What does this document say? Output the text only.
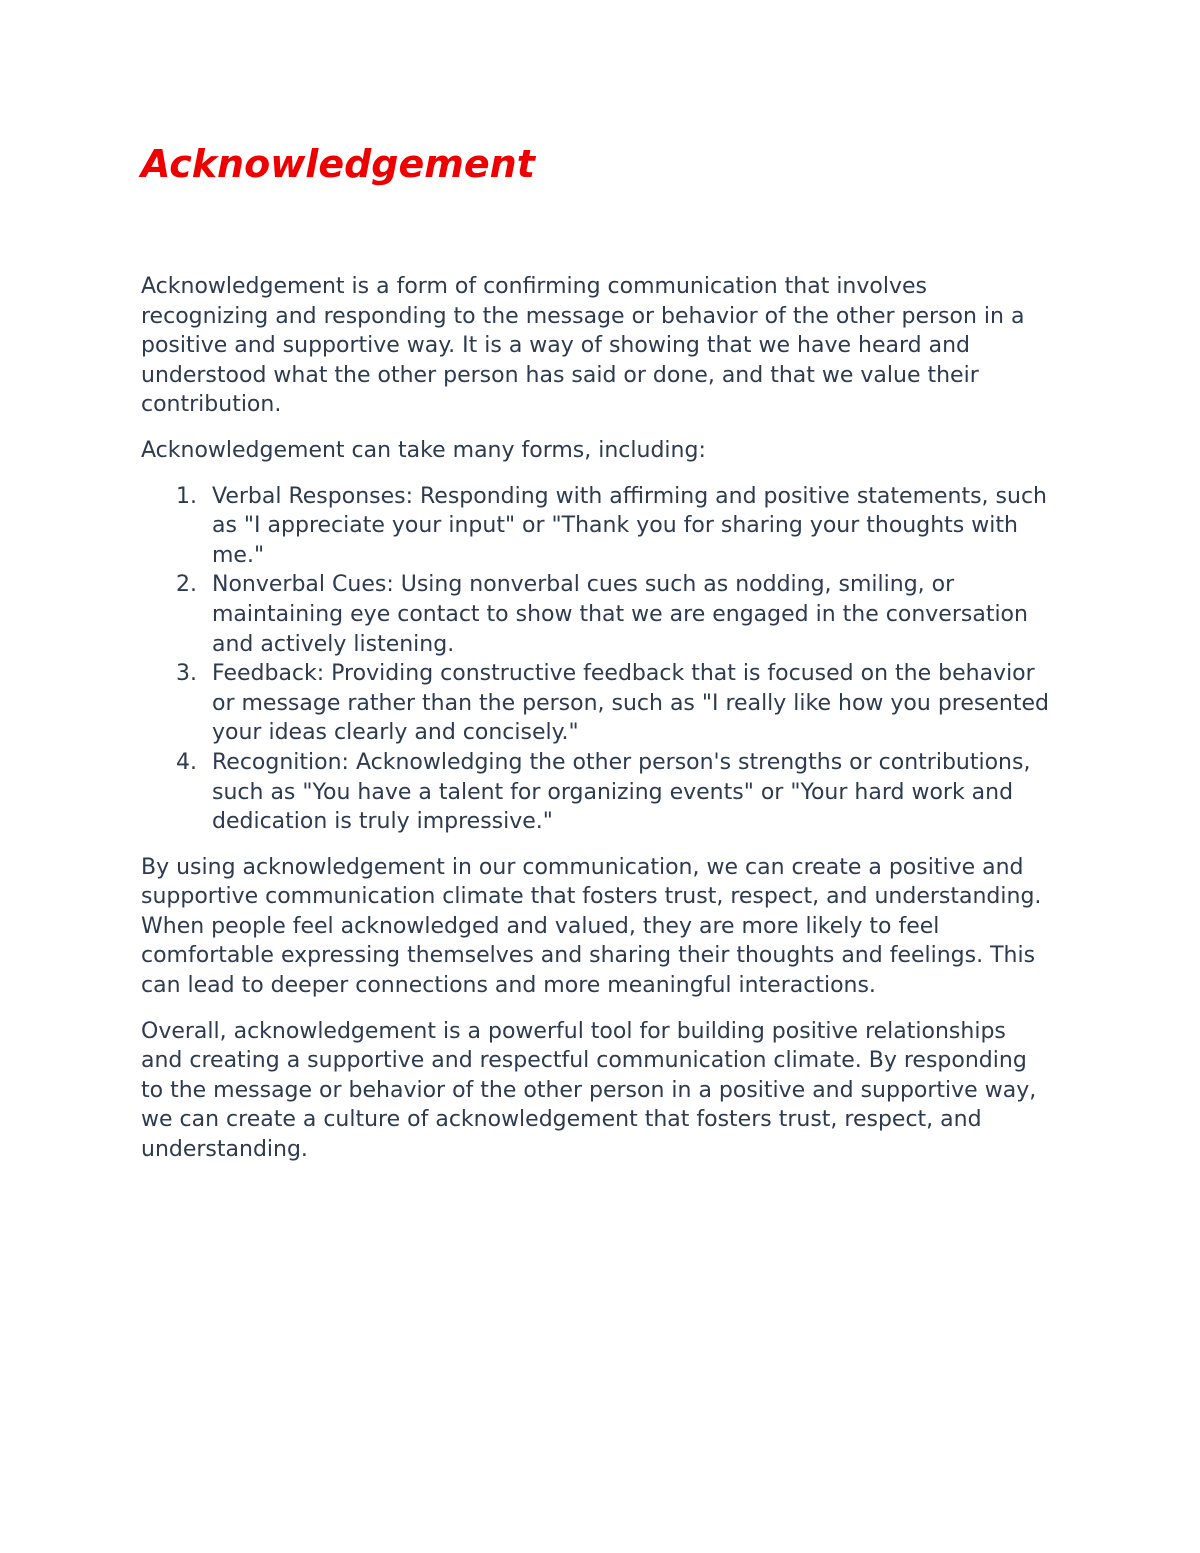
Acknowledgement

Acknowledgement is a form of confirming communication that involves recognizing and responding to the message or behavior of the other person in a positive and supportive way. It is a way of showing that we have heard and understood what the other person has said or done, and that we value their contribution.

Acknowledgement can take many forms, including:

1. Verbal Responses: Responding with affirming and positive statements, such as "I appreciate your input" or "Thank you for sharing your thoughts with me."
2. Nonverbal Cues: Using nonverbal cues such as nodding, smiling, or maintaining eye contact to show that we are engaged in the conversation and actively listening.
3. Feedback: Providing constructive feedback that is focused on the behavior or message rather than the person, such as "I really like how you presented your ideas clearly and concisely."
4. Recognition: Acknowledging the other person's strengths or contributions, such as "You have a talent for organizing events" or "Your hard work and dedication is truly impressive."

By using acknowledgement in our communication, we can create a positive and supportive communication climate that fosters trust, respect, and understanding. When people feel acknowledged and valued, they are more likely to feel comfortable expressing themselves and sharing their thoughts and feelings. This can lead to deeper connections and more meaningful interactions.

Overall, acknowledgement is a powerful tool for building positive relationships and creating a supportive and respectful communication climate. By responding to the message or behavior of the other person in a positive and supportive way, we can create a culture of acknowledgement that fosters trust, respect, and understanding.
